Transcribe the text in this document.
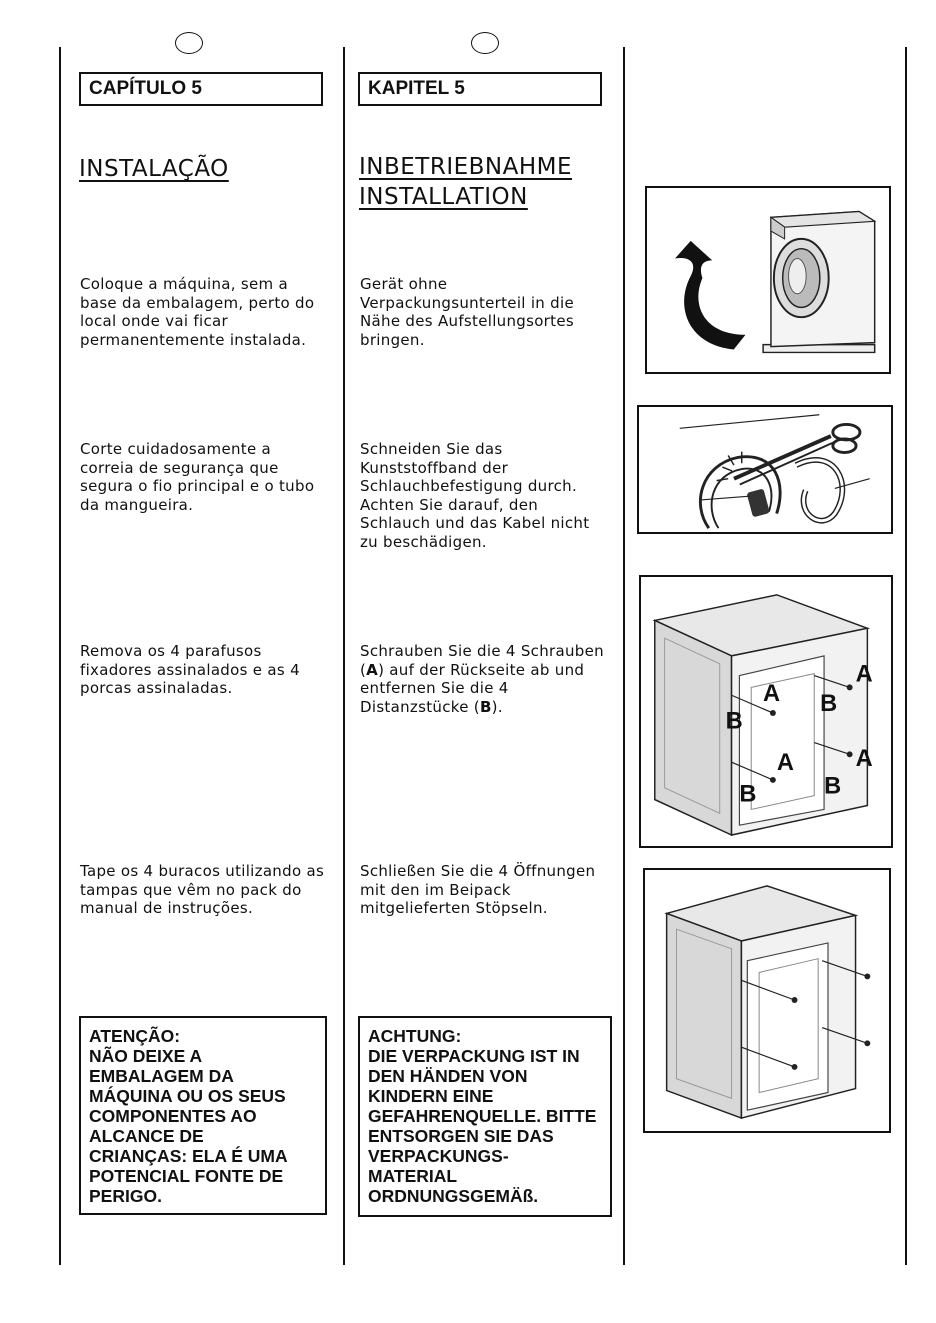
CAPÍTULO 5
INSTALAÇÃO
Coloque a máquina, sem a base da embalagem, perto do local onde vai ficar permanentemente instalada.
Corte cuidadosamente a correia de segurança que segura o fio principal e o tubo da mangueira.
Remova os 4 parafusos fixadores assinalados e as 4 porcas assinaladas.
Tape os 4 buracos utilizando as tampas que vêm no pack do manual de instruções.
ATENÇÃO:
NÃO DEIXE A
EMBALAGEM DA
MÁQUINA OU OS SEUS
COMPONENTES AO
ALCANCE DE
CRIANÇAS: ELA É UMA
POTENCIAL FONTE DE
PERIGO.
KAPITEL 5
INBETRIEBNAHME
INSTALLATION
Gerät ohne Verpackungsunterteil in die Nähe des Aufstellungsortes bringen.
Schneiden Sie das Kunststoffband der Schlauchbefestigung durch. Achten Sie darauf, den Schlauch und das Kabel nicht zu beschädigen.
Schrauben Sie die 4 Schrauben (A) auf der Rückseite ab und entfernen Sie die 4 Distanzstücke (B).
Schließen Sie die 4 Öffnungen mit den im Beipack mitgelieferten Stöpseln.
ACHTUNG:
DIE VERPACKUNG IST IN
DEN HÄNDEN VON
KINDERN EINE
GEFAHRENQUELLE. BITTE
ENTSORGEN SIE DAS
VERPACKUNGS-
MATERIAL
ORDNUNGSGEMÄß.
A
A
A
A
B
B
B
B
